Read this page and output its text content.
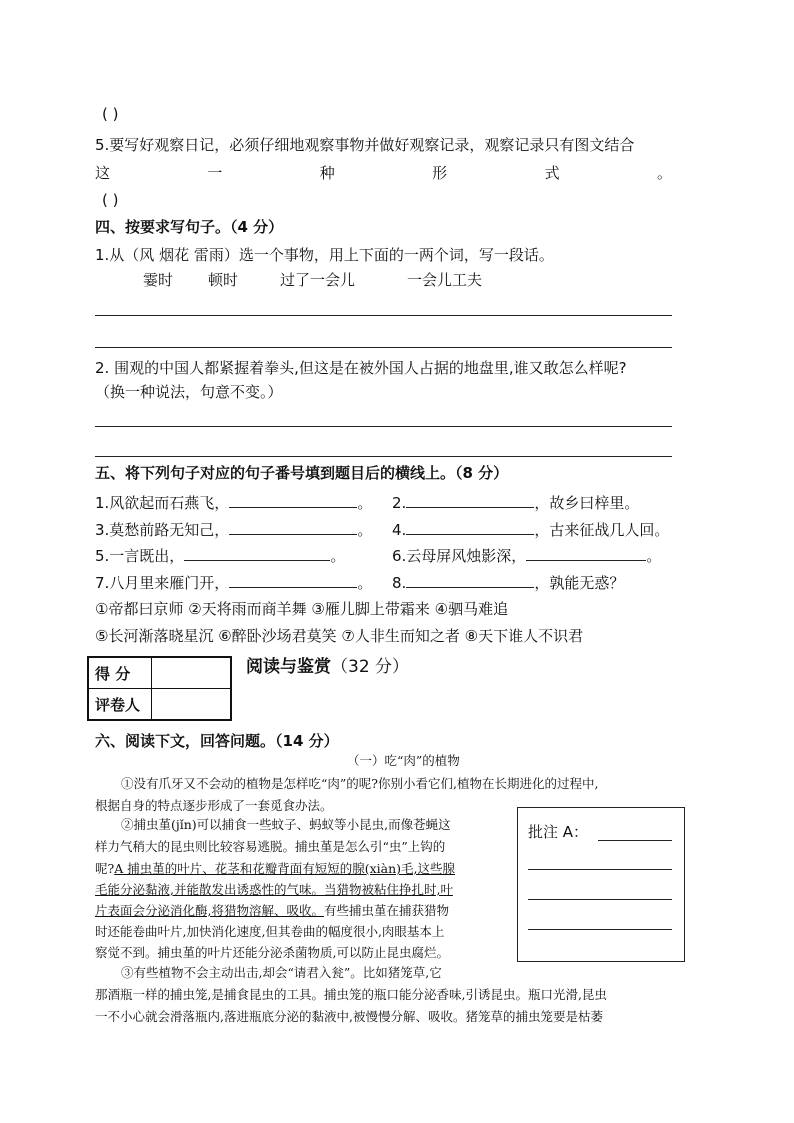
( )
5.要写好观察日记，必须仔细地观察事物并做好观察记录，观察记录只有图文结合
这	一	种	形	式	。
( )
四、按要求写句子。（4 分）
1.从（风 烟花 雷雨）选一个事物，用上下面的一两个词，写一段话。
霎时 顿时	过了一会儿	一会儿工夫
2. 围观的中国人都紧握着拳头,但这是在被外国人占据的地盘里,谁又敢怎么样呢?
（换一种说法，句意不变。）
五、将下列句子对应的句子番号填到题目后的横线上。（8 分）
1.风欲起而石燕飞，	。 2.	，故乡曰梓里。
3.莫愁前路无知己，	。 4.	，古来征战几人回。
5.一言既出，	。	6.云母屏风烛影深，	。
7.八月里来雁门开，	。 8.	，孰能无惑？
①帝都曰京师 ②天将雨而商羊舞 ③雁儿脚上带霜来 ④驷马难追
⑤长河渐落晓星沉 ⑥醉卧沙场君莫笑 ⑦人非生而知之者 ⑧天下谁人不识君
得 分	
评卷人	
阅读与鉴赏（32 分）
六、阅读下文，回答问题。（14 分）
（一）吃“肉”的植物
①没有爪牙又不会动的植物是怎样吃“肉”的呢?你别小看它们,植物在长期进化的过程中,
根据自身的特点逐步形成了一套觅食办法。
②捕虫堇(jǐn)可以捕食一些蚊子、蚂蚁等小昆虫,而像苍蝇这
样力气稍大的昆虫则比较容易逃脱。捕虫堇是怎么引“虫”上钩的
呢?A 捕虫堇的叶片、花茎和花瓣背面有短短的腺(xiàn)毛,这些腺
毛能分泌黏液,并能散发出诱惑性的气味。当猎物被粘住挣扎时,叶
片表面会分泌消化酶,将猎物溶解、吸收。有些捕虫堇在捕获猎物
时还能卷曲叶片,加快消化速度,但其卷曲的幅度很小,肉眼基本上
察觉不到。捕虫堇的叶片还能分泌杀菌物质,可以防止昆虫腐烂。
③有些植物不会主动出击,却会“请君入瓮”。比如猪笼草,它
那酒瓶一样的捕虫笼,是捕食昆虫的工具。捕虫笼的瓶口能分泌香味,引诱昆虫。瓶口光滑,昆虫
一不小心就会滑落瓶内,落进瓶底分泌的黏液中,被慢慢分解、吸收。猪笼草的捕虫笼要是枯萎
批注 A：
